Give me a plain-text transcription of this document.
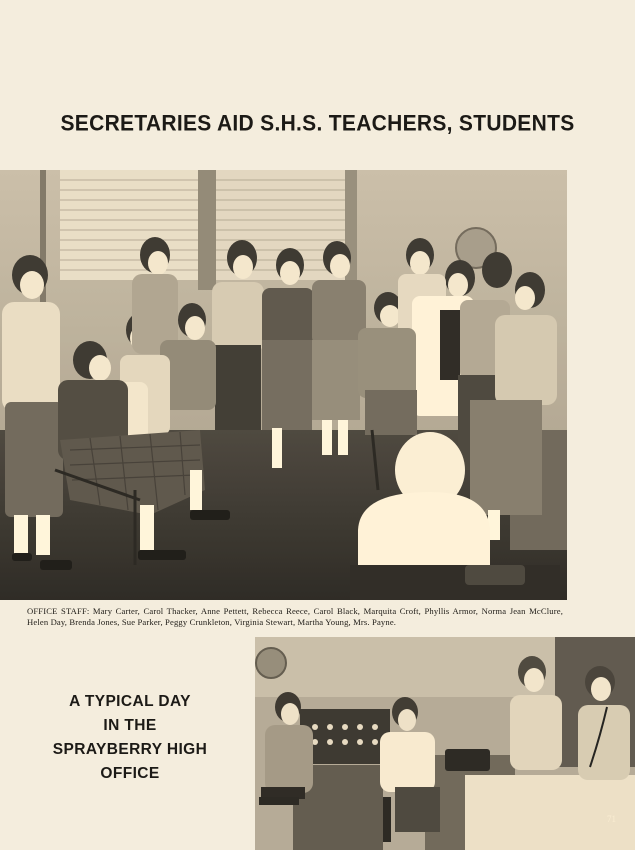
SECRETARIES AID S.H.S. TEACHERS, STUDENTS
OFFICE STAFF: Mary Carter, Carol Thacker, Anne Pettett, Rebecca Reece, Carol Black, Marquita Croft, Phyllis Armor, Norma Jean McClure, Helen Day, Brenda Jones, Sue Parker, Peggy Crunkleton, Virginia Stewart, Martha Young, Mrs. Payne.
A TYPICAL DAY
IN THE
SPRAYBERRY HIGH
OFFICE
71
